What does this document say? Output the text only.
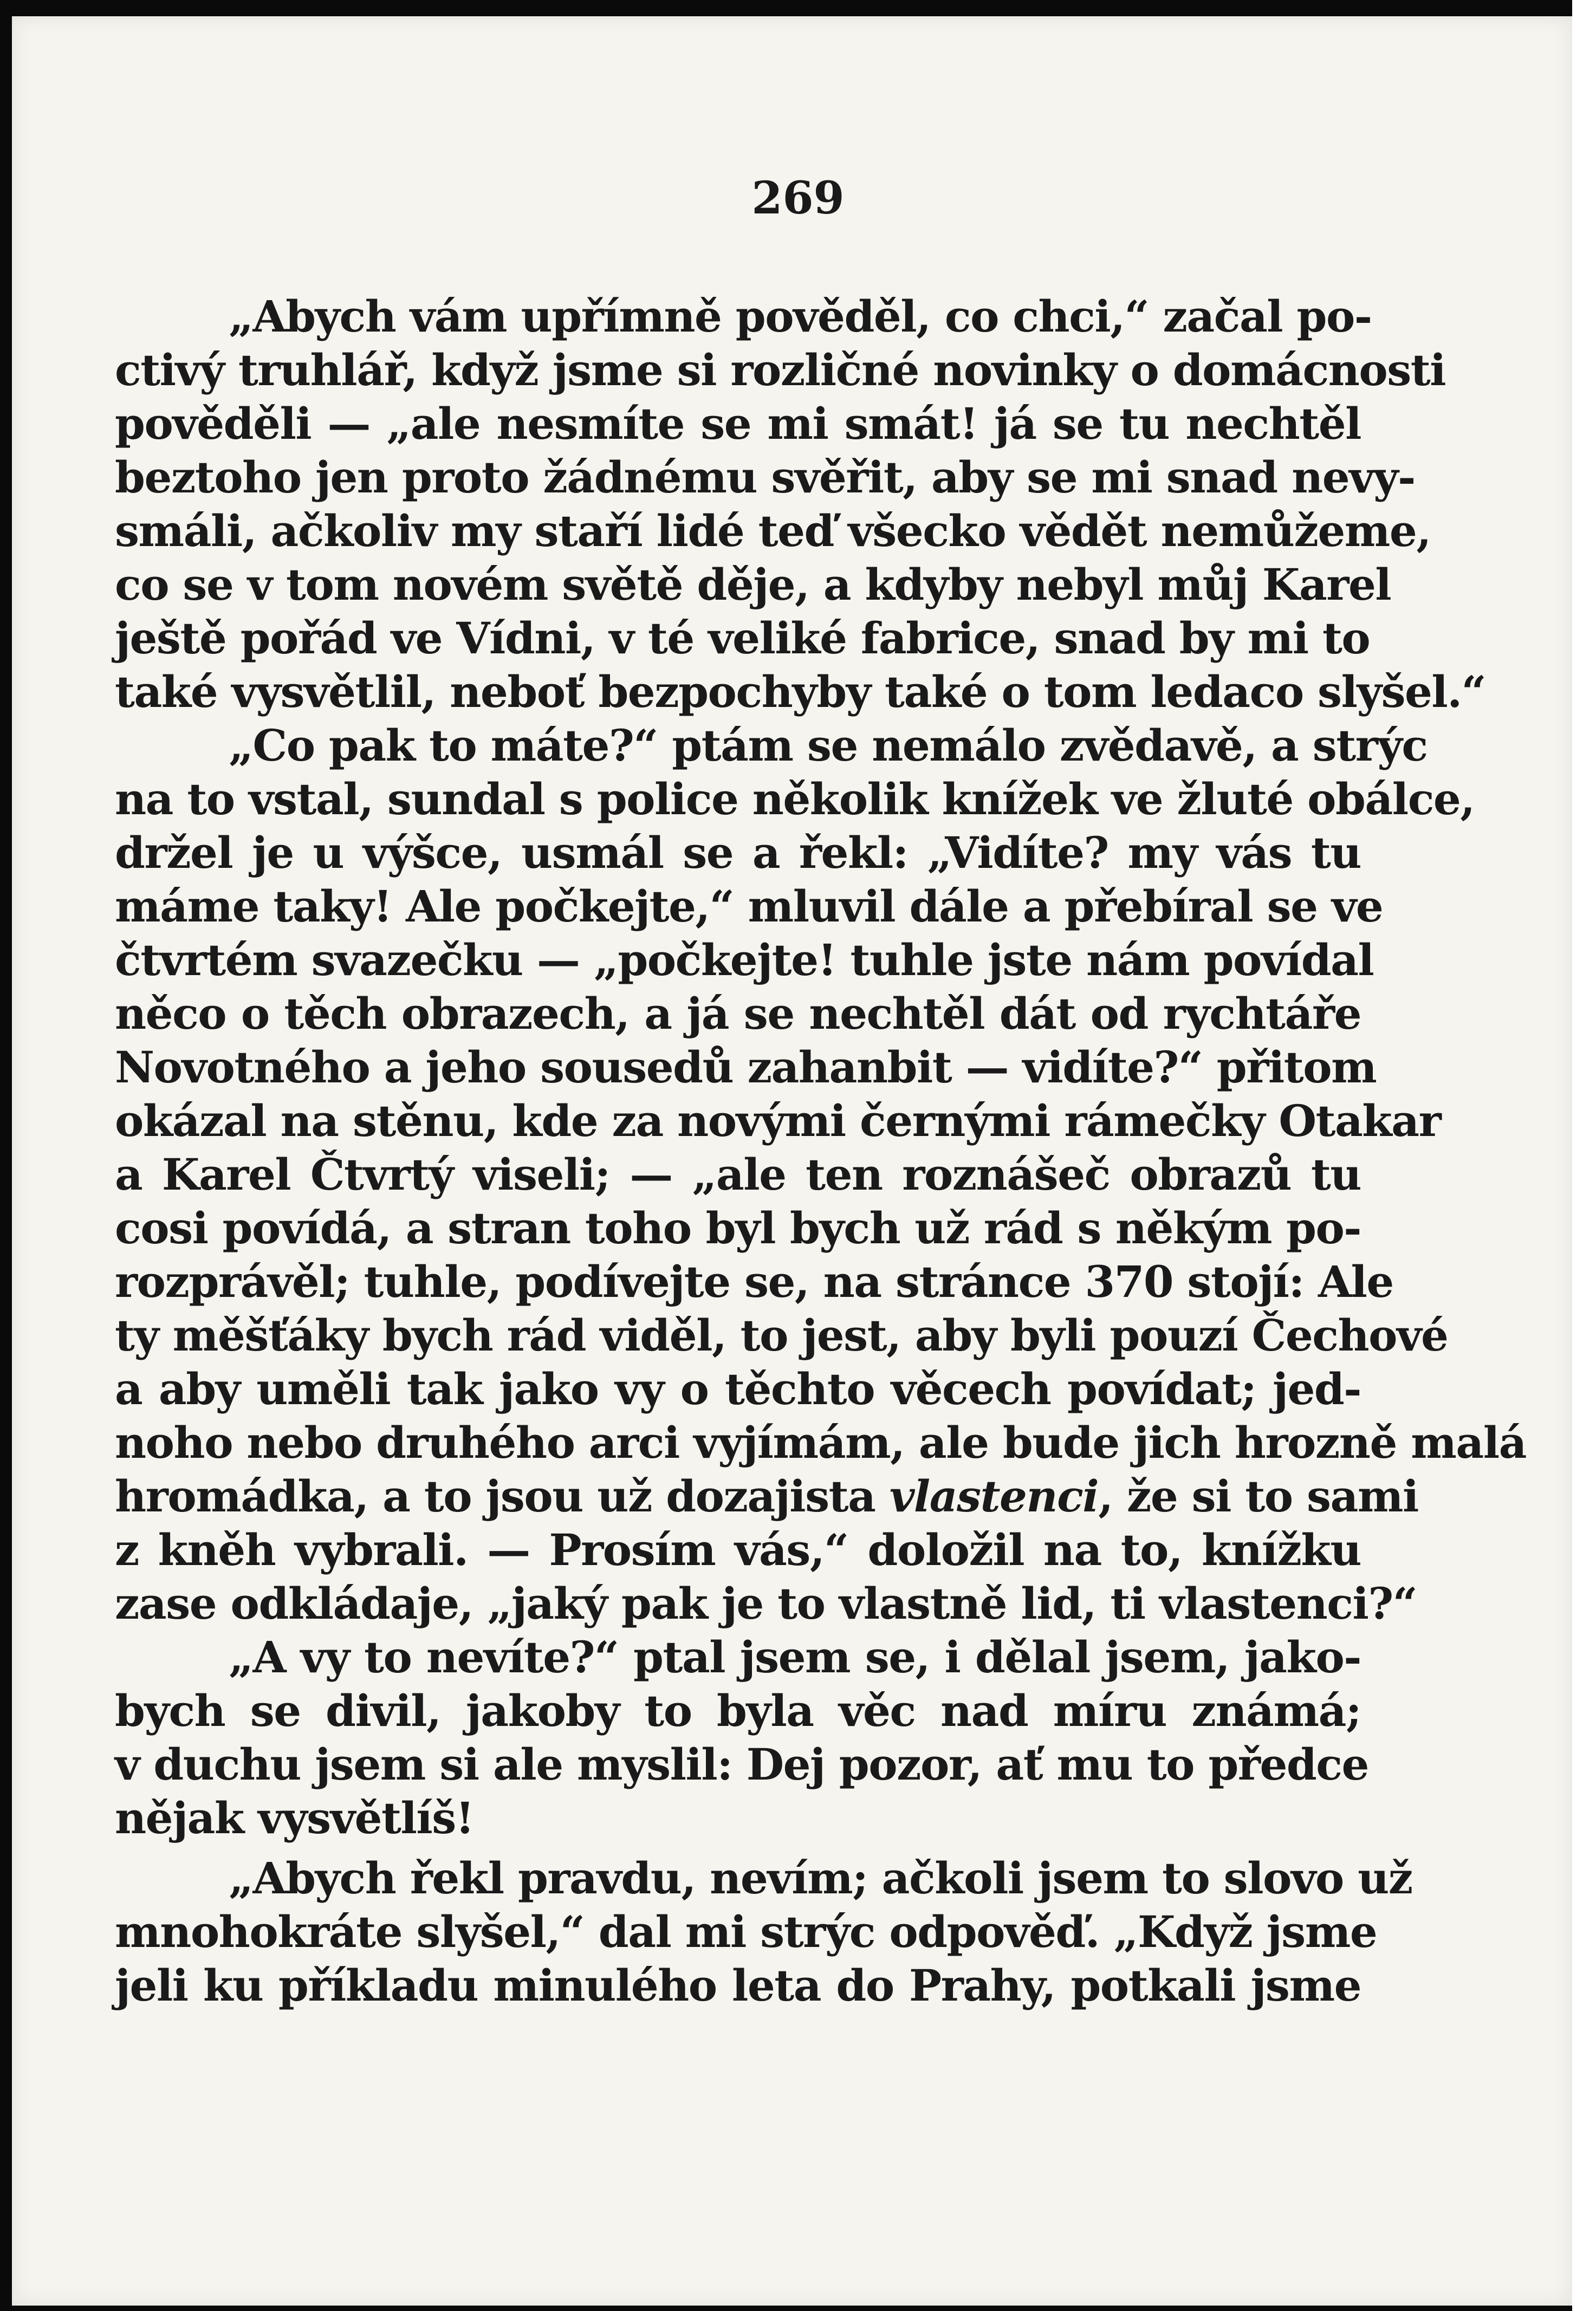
269
„Abych vám upřímně pověděl, co chci,“ začal po-
ctivý truhlář, když jsme si rozličné novinky o domácnosti
pověděli — „ale nesmíte se mi smát! já se tu nechtěl
beztoho jen proto žádnému svěřit, aby se mi snad nevy-
smáli, ačkoliv my staří lidé teď všecko vědět nemůžeme,
co se v tom novém světě děje, a kdyby nebyl můj Karel
ještě pořád ve Vídni, v té veliké fabrice, snad by mi to
také vysvětlil, neboť bezpochyby také o tom ledaco slyšel.“
„Co pak to máte?“ ptám se nemálo zvědavě, a strýc
na to vstal, sundal s police několik knížek ve žluté obálce,
držel je u výšce, usmál se a řekl: „Vidíte? my vás tu
máme taky! Ale počkejte,“ mluvil dále a přebíral se ve
čtvrtém svazečku — „počkejte! tuhle jste nám povídal
něco o těch obrazech, a já se nechtěl dát od rychtáře
Novotného a jeho sousedů zahanbit — vidíte?“ přitom
okázal na stěnu, kde za novými černými rámečky Otakar
a Karel Čtvrtý viseli; — „ale ten roznášeč obrazů tu
cosi povídá, a stran toho byl bych už rád s někým po-
rozprávěl; tuhle, podívejte se, na stránce 370 stojí: Ale
ty měšťáky bych rád viděl, to jest, aby byli pouzí Čechové
a aby uměli tak jako vy o těchto věcech povídat; jed-
noho nebo druhého arci vyjímám, ale bude jich hrozně malá
hromádka, a to jsou už dozajista vlastenci, že si to sami
z kněh vybrali. — Prosím vás,“ doložil na to, knížku
zase odkládaje, „jaký pak je to vlastně lid, ti vlastenci?“
„A vy to nevíte?“ ptal jsem se, i dělal jsem, jako-
bych se divil, jakoby to byla věc nad míru známá;
v duchu jsem si ale myslil: Dej pozor, ať mu to předce
nějak vysvětlíš!
„Abych řekl pravdu, nevím; ačkoli jsem to slovo už
mnohokráte slyšel,“ dal mi strýc odpověď. „Když jsme
jeli ku příkladu minulého leta do Prahy, potkali jsme
